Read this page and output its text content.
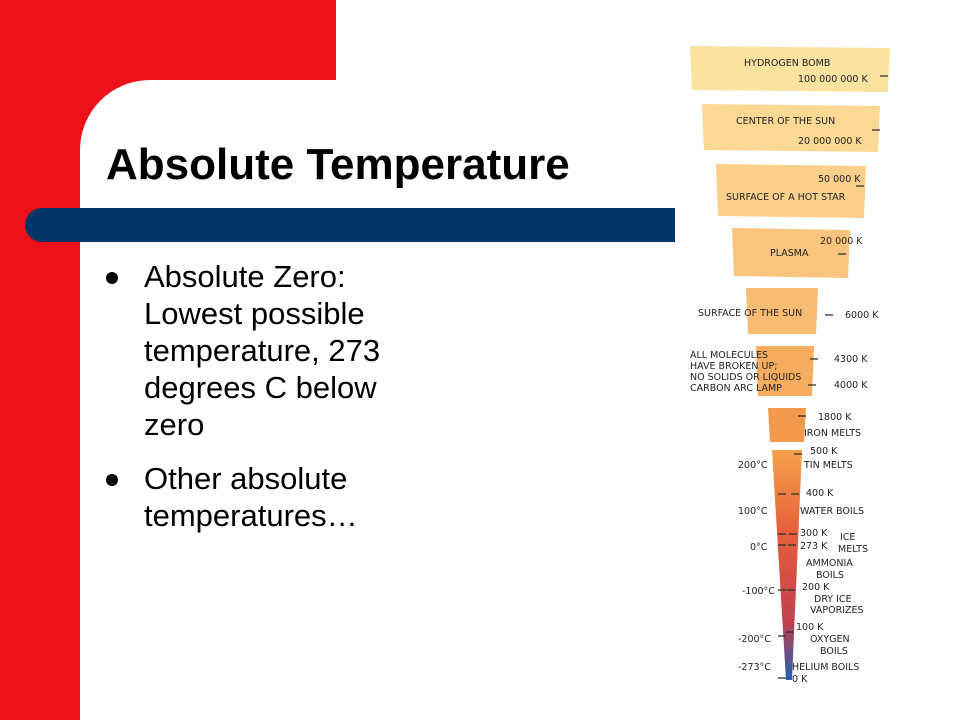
Absolute Temperature
Absolute Zero: Lowest possible temperature, 273 degrees C below zero
Other absolute temperatures…
HYDROGEN BOMB
100 000 000 K
CENTER OF THE SUN
20 000 000 K
50 000 K
SURFACE OF A HOT STAR
20 000 K
PLASMA
SURFACE OF THE SUN	6000 K
ALL MOLECULES
HAVE BROKEN UP;
NO SOLIDS OR LIQUIDS
CARBON ARC LAMP
4300 K
4000 K
1800 K
IRON MELTS
500 K
TIN MELTS
400 K
WATER BOILS
300 K ICE
273 K MELTS
AMMONIA
BOILS
200 K
DRY ICE
VAPORIZES
100 K
OXYGEN
BOILS
HELIUM BOILS
0 K
200°C
100°C
0°C
-100°C
-200°C
-273°C
